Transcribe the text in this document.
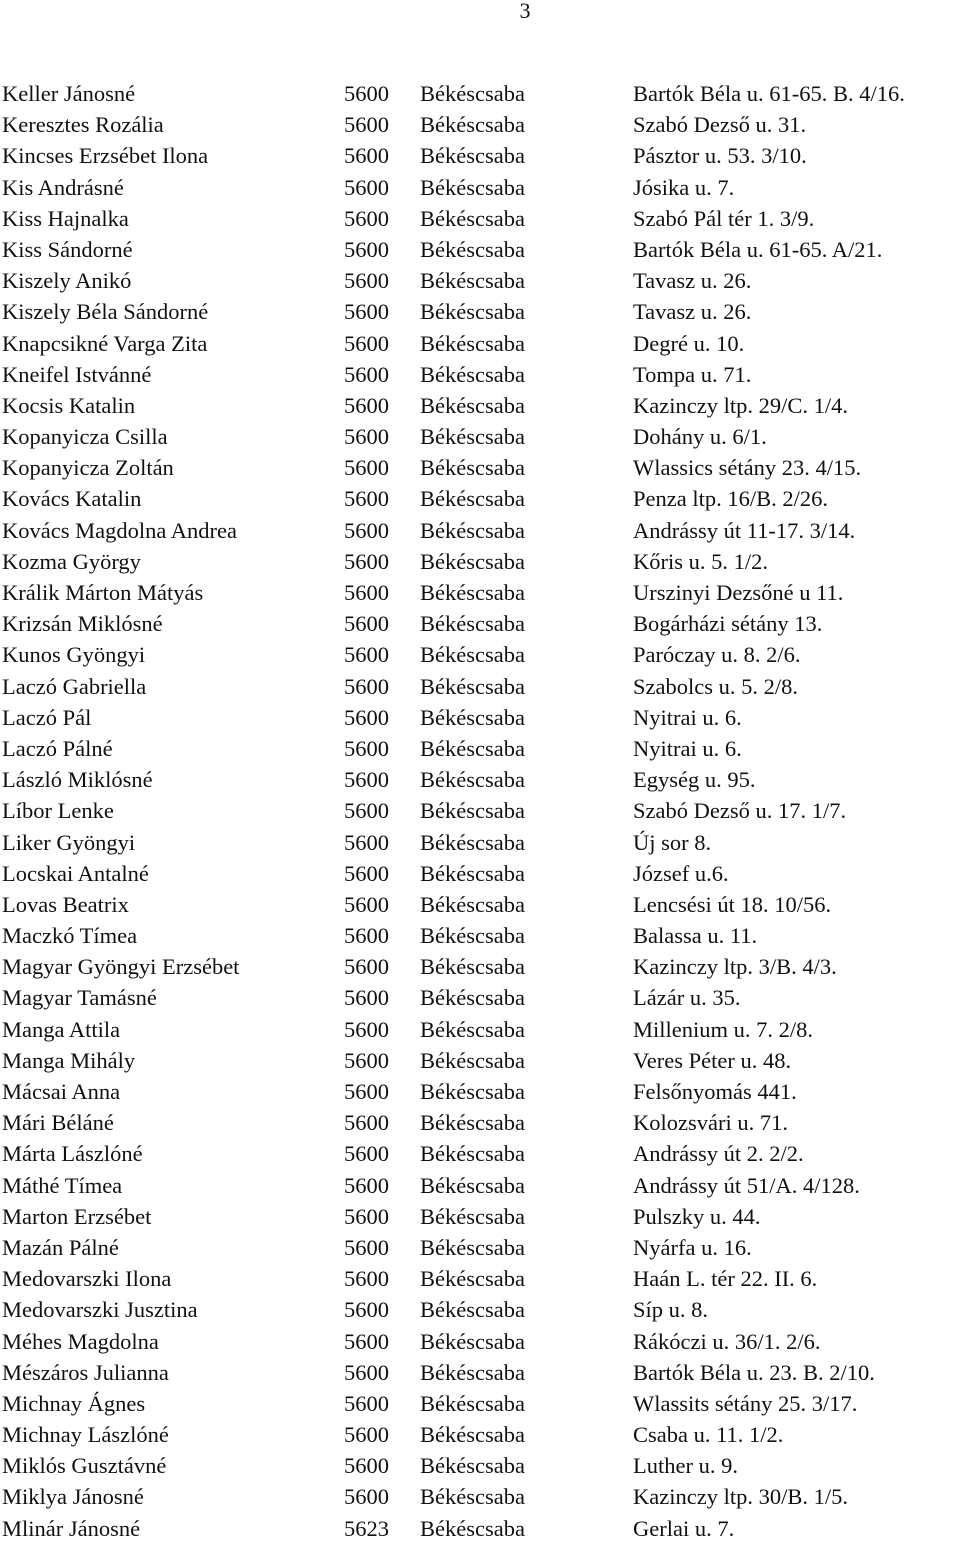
3
Keller Jánosné	5600 Békéscsaba	Bartók Béla u. 61-65. B. 4/16.
Keresztes Rozália	5600 Békéscsaba	Szabó Dezső u. 31.
Kincses Erzsébet Ilona	5600 Békéscsaba	Pásztor u. 53. 3/10.
Kis Andrásné	5600 Békéscsaba	Jósika u. 7.
Kiss Hajnalka	5600 Békéscsaba	Szabó Pál tér 1. 3/9.
Kiss Sándorné	5600 Békéscsaba	Bartók Béla u. 61-65. A/21.
Kiszely Anikó	5600 Békéscsaba	Tavasz u. 26.
Kiszely Béla Sándorné	5600 Békéscsaba	Tavasz u. 26.
Knapcsikné Varga Zita	5600 Békéscsaba	Degré u. 10.
Kneifel Istvánné	5600 Békéscsaba	Tompa u. 71.
Kocsis Katalin	5600 Békéscsaba	Kazinczy ltp. 29/C. 1/4.
Kopanyicza Csilla	5600 Békéscsaba	Dohány u. 6/1.
Kopanyicza Zoltán	5600 Békéscsaba	Wlassics sétány 23. 4/15.
Kovács Katalin	5600 Békéscsaba	Penza ltp. 16/B. 2/26.
Kovács Magdolna Andrea	5600 Békéscsaba	Andrássy út 11-17. 3/14.
Kozma György	5600 Békéscsaba	Kőris u. 5. 1/2.
Králik Márton Mátyás	5600 Békéscsaba	Urszinyi Dezsőné u 11.
Krizsán Miklósné	5600 Békéscsaba	Bogárházi sétány 13.
Kunos Gyöngyi	5600 Békéscsaba	Paróczay u. 8. 2/6.
Laczó Gabriella	5600 Békéscsaba	Szabolcs u. 5. 2/8.
Laczó Pál	5600 Békéscsaba	Nyitrai u. 6.
Laczó Pálné	5600 Békéscsaba	Nyitrai u. 6.
László Miklósné	5600 Békéscsaba	Egység u. 95.
Líbor Lenke	5600 Békéscsaba	Szabó Dezső u. 17. 1/7.
Liker Gyöngyi	5600 Békéscsaba	Új sor 8.
Locskai Antalné	5600 Békéscsaba	József u.6.
Lovas Beatrix	5600 Békéscsaba	Lencsési út 18. 10/56.
Maczkó Tímea	5600 Békéscsaba	Balassa u. 11.
Magyar Gyöngyi Erzsébet	5600 Békéscsaba	Kazinczy ltp. 3/B. 4/3.
Magyar Tamásné	5600 Békéscsaba	Lázár u. 35.
Manga Attila	5600 Békéscsaba	Millenium u. 7. 2/8.
Manga Mihály	5600 Békéscsaba	Veres Péter u. 48.
Mácsai Anna	5600 Békéscsaba	Felsőnyomás 441.
Mári Béláné	5600 Békéscsaba	Kolozsvári u. 71.
Márta Lászlóné	5600 Békéscsaba	Andrássy út 2. 2/2.
Máthé Tímea	5600 Békéscsaba	Andrássy út 51/A. 4/128.
Marton Erzsébet	5600 Békéscsaba	Pulszky u. 44.
Mazán Pálné	5600 Békéscsaba	Nyárfa u. 16.
Medovarszki Ilona	5600 Békéscsaba	Haán L. tér 22. II. 6.
Medovarszki Jusztina	5600 Békéscsaba	Síp u. 8.
Méhes Magdolna	5600 Békéscsaba	Rákóczi u. 36/1. 2/6.
Mészáros Julianna	5600 Békéscsaba	Bartók Béla u. 23. B. 2/10.
Michnay Ágnes	5600 Békéscsaba	Wlassits sétány 25. 3/17.
Michnay Lászlóné	5600 Békéscsaba	Csaba u. 11. 1/2.
Miklós Gusztávné	5600 Békéscsaba	Luther u. 9.
Miklya Jánosné	5600 Békéscsaba	Kazinczy ltp. 30/B. 1/5.
Mlinár Jánosné	5623 Békéscsaba	Gerlai u. 7.
